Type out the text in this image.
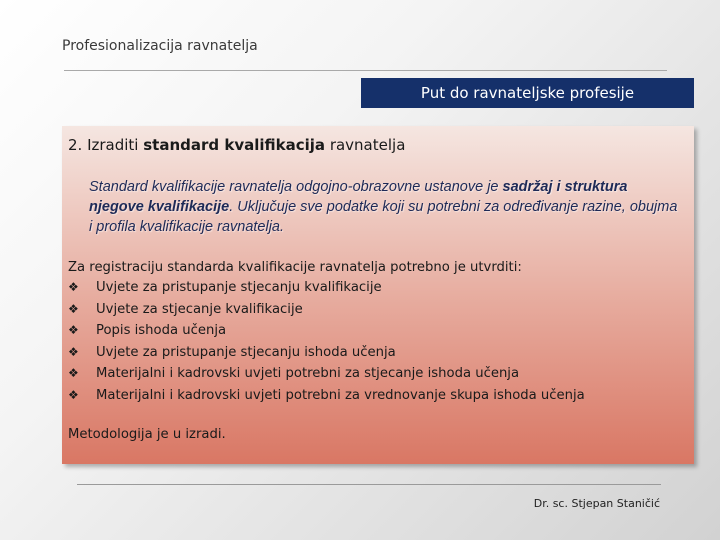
Profesionalizacija ravnatelja
Put do ravnateljske profesije

2. Izraditi standard kvalifikacija ravnatelja

Standard kvalifikacije ravnatelja odgojno-obrazovne ustanove je sadržaj i struktura njegove kvalifikacije. Uključuje sve podatke koji su potrebni za određivanje razine, obujma i profila kvalifikacije ravnatelja.

Za registraciju standarda kvalifikacije ravnatelja potrebno je utvrditi:

❖	Uvjete za pristupanje stjecanju kvalifikacije
❖	Uvjete za stjecanje kvalifikacije
❖	Popis ishoda učenja
❖	Uvjete za pristupanje stjecanju ishoda učenja
❖	Materijalni i kadrovski uvjeti potrebni za stjecanje ishoda učenja
❖	Materijalni i kadrovski uvjeti potrebni za vrednovanje skupa ishoda učenja

Metodologija je u izradi.

Dr. sc. Stjepan Staničić
